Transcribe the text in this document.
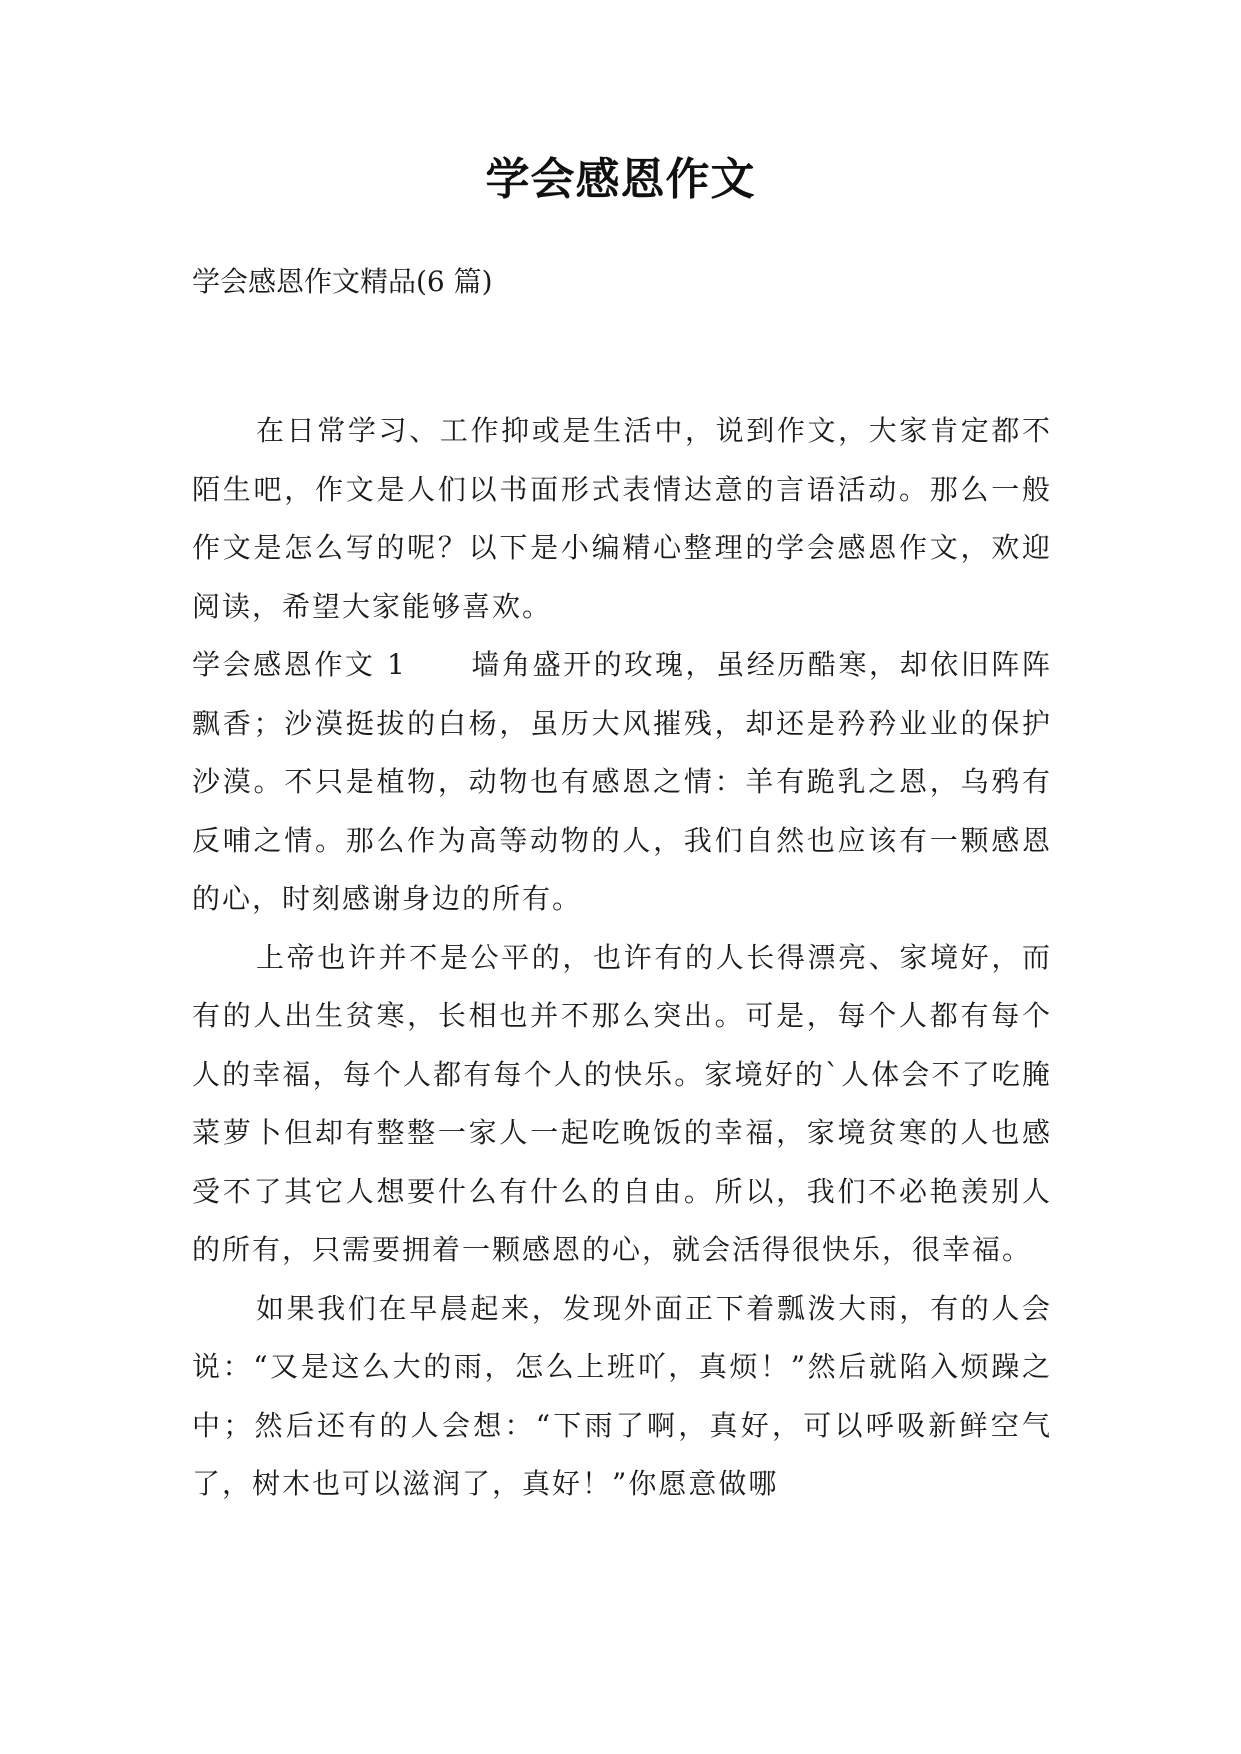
学会感恩作文

学会感恩作文精品(6 篇)

在日常学习、工作抑或是生活中，说到作文，大家肯定都不陌生吧，作文是人们以书面形式表情达意的言语活动。那么一般作文是怎么写的呢？以下是小编精心整理的学会感恩作文，欢迎阅读，希望大家能够喜欢。

学会感恩作文 1 墙角盛开的玫瑰，虽经历酷寒，却依旧阵阵飘香；沙漠挺拔的白杨，虽历大风摧残，却还是矜矜业业的保护沙漠。不只是植物，动物也有感恩之情：羊有跪乳之恩，乌鸦有反哺之情。那么作为高等动物的人，我们自然也应该有一颗感恩的心，时刻感谢身边的所有。

上帝也许并不是公平的，也许有的人长得漂亮、家境好，而有的人出生贫寒，长相也并不那么突出。可是，每个人都有每个人的幸福，每个人都有每个人的快乐。家境好的`人体会不了吃腌菜萝卜但却有整整一家人一起吃晚饭的幸福，家境贫寒的人也感受不了其它人想要什么有什么的自由。所以，我们不必艳羡别人的所有，只需要拥着一颗感恩的心，就会活得很快乐，很幸福。

如果我们在早晨起来，发现外面正下着瓢泼大雨，有的人会说：“又是这么大的雨，怎么上班吖，真烦！”然后就陷入烦躁之中；然后还有的人会想：“下雨了啊，真好，可以呼吸新鲜空气了，树木也可以滋润了，真好！”你愿意做哪
